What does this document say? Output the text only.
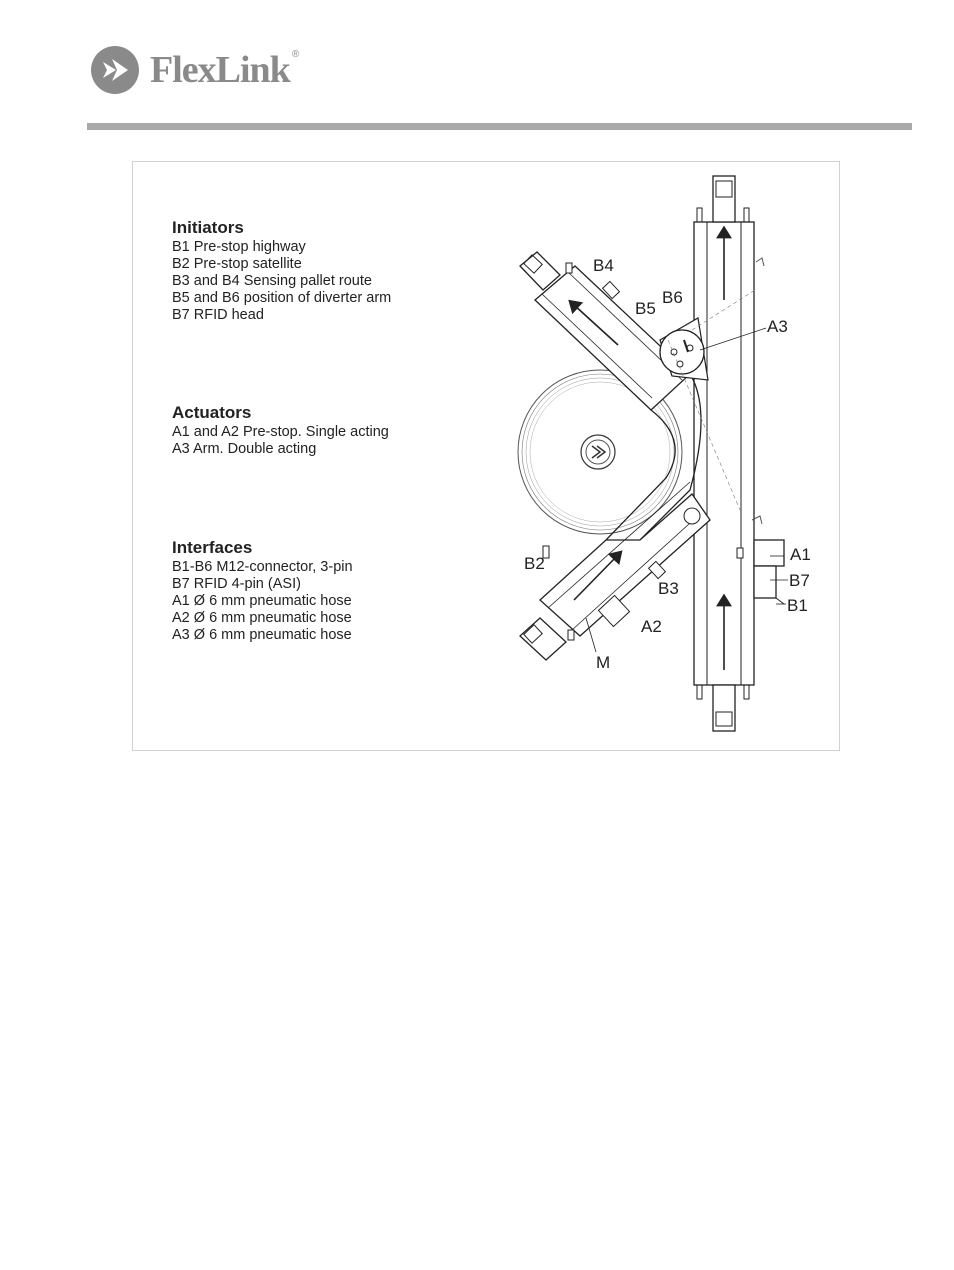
FlexLink ®
Initiators
B1 Pre-stop highway
B2 Pre-stop satellite
B3 and B4 Sensing pallet route
B5 and B6 position of diverter arm
B7 RFID head
Actuators
A1 and A2 Pre-stop. Single acting
A3 Arm. Double acting
Interfaces
B1-B6 M12-connector, 3-pin
B7 RFID 4-pin (ASI)
A1 Ø 6 mm pneumatic hose
A2 Ø 6 mm pneumatic hose
A3 Ø 6 mm pneumatic hose
B4
B5
B6
A3
A1
B7
B1
B2
B3
A2
M
